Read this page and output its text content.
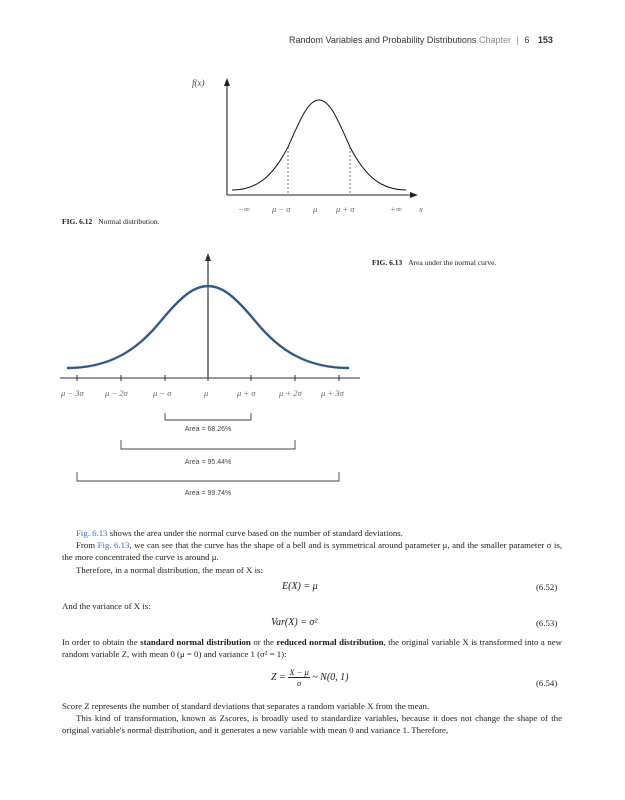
Random Variables and Probability Distributions Chapter | 6 153
f(x)
x
−∞	μ − σ	μ μ + σ	+∞
FIG. 6.12 Normal distribution.
FIG. 6.13 Area under the normal curve.
μ − 3σ	μ − 2σ	μ − σ	μ	μ + σ	μ + 2σ μ + 3σ
Area = 68.26%
Area = 95.44%
Area = 99.74%
Fig. 6.13 shows the area under the normal curve based on the number of standard deviations.
From Fig. 6.13, we can see that the curve has the shape of a bell and is symmetrical around parameter μ, and the smaller parameter σ is, the more concentrated the curve is around μ.
Therefore, in a normal distribution, the mean of X is:
E(X) = μ	(6.52)
And the variance of X is:
Var(X) = σ²	(6.53)
In order to obtain the standard normal distribution or the reduced normal distribution, the original variable X is transformed into a new random variable Z, with mean 0 (μ = 0) and variance 1 (σ² = 1):
$Z = \frac{X - \mu}{\sigma}$ ~ N(0, 1)
(6.54)
Score Z represents the number of standard deviations that separates a random variable X from the mean.
This kind of transformation, known as Zscores, is broadly used to standardize variables, because it does not change the shape of the original variable's normal distribution, and it generates a new variable with mean 0 and variance 1. Therefore,
